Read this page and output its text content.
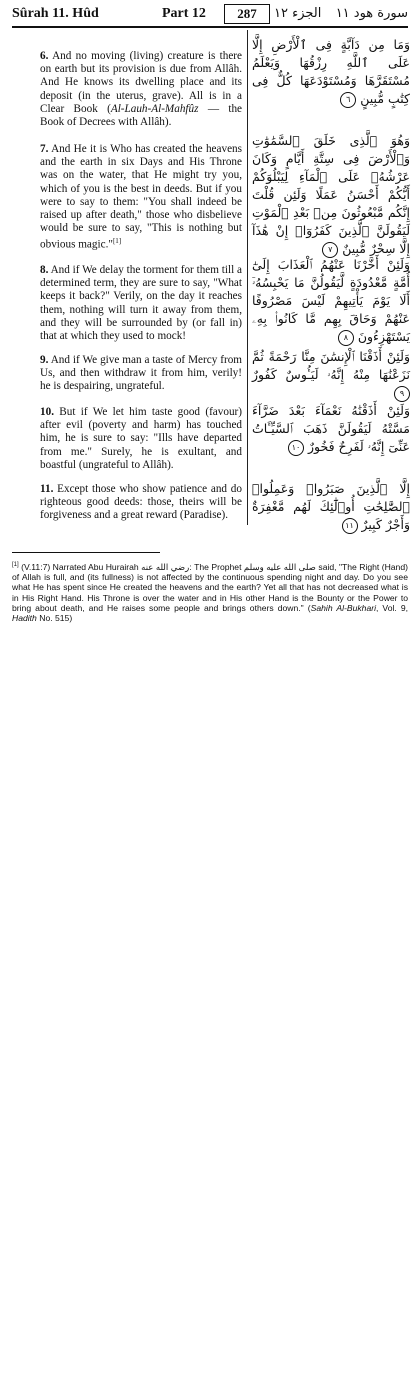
Sûrah 11. Hûd	Part 12	287	الجزء ١٢ سورة هود ١١
6. And no moving (living) creature is there on earth but its provision is due from Allâh. And He knows its dwelling place and its deposit (in the uterus, grave). All is in a Clear Book (Al-Lauh-Al-Mahfûz — the Book of Decrees with Allâh).
وَمَا مِن دَآبَّةٍ فِى ٱلْأَرْضِ إِلَّا عَلَى ٱللَّهِ رِزْقُهَا وَيَعْلَمُ مُسْتَقَرَّهَا وَمُسْتَوْدَعَهَا كُلٌّ فِى كِتَٰبٍ مُّبِينٍ ٦
7. And He it is Who has created the heavens and the earth in six Days and His Throne was on the water, that He might try you, which of you is the best in deeds. But if you were to say to them: "You shall indeed be raised up after death," those who disbelieve would be sure to say, "This is nothing but obvious magic."[1]
وَهُوَ ٱلَّذِى خَلَقَ ٱلسَّمَٰوَٰتِ وَٱلْأَرْضَ فِى سِتَّةِ أَيَّامٍ وَكَانَ عَرْشُهُۥ عَلَى ٱلْمَآءِ لِيَبْلُوَكُمْ أَيُّكُمْ أَحْسَنُ عَمَلًا وَلَئِن قُلْتَ إِنَّكُم مَّبْعُوثُونَ مِنۢ بَعْدِ ٱلْمَوْتِ لَيَقُولَنَّ ٱلَّذِينَ كَفَرُوٓا۟ إِنْ هَٰذَآ إِلَّا سِحْرٌ مُّبِينٌ ٧
8. And if We delay the torment for them till a determined term, they are sure to say, "What keeps it back?" Verily, on the day it reaches them, nothing will turn it away from them, and they will be surrounded by (or fall in) that at which they used to mock!
وَلَئِنْ أَخَّرْنَا عَنْهُمُ ٱلْعَذَابَ إِلَىٰٓ أُمَّةٍ مَّعْدُودَةٍ لَّيَقُولُنَّ مَا يَحْبِسُهُۥٓ أَلَا يَوْمَ يَأْتِيهِمْ لَيْسَ مَصْرُوفًا عَنْهُمْ وَحَاقَ بِهِم مَّا كَانُوا۟ بِهِۦ يَسْتَهْزِءُونَ ٨
9. And if We give man a taste of Mercy from Us, and then withdraw it from him, verily! he is despairing, ungrateful.
وَلَئِنْ أَذَقْنَا ٱلْإِنسَٰنَ مِنَّا رَحْمَةً ثُمَّ نَزَعْنَٰهَا مِنْهُ إِنَّهُۥ لَيَـُٔوسٌ كَفُورٌ ٩
10. But if We let him taste good (favour) after evil (poverty and harm) has touched him, he is sure to say: "Ills have departed from me." Surely, he is exultant, and boastful (ungrateful to Allâh).
وَلَئِنْ أَذَقْنَٰهُ نَعْمَآءَ بَعْدَ ضَرَّآءَ مَسَّتْهُ لَيَقُولَنَّ ذَهَبَ ٱلسَّيِّـَٔاتُ عَنِّىٓ إِنَّهُۥ لَفَرِحٌ فَخُورٌ ١٠
11. Except those who show patience and do righteous good deeds: those, theirs will be forgiveness and a great reward (Paradise).
إِلَّا ٱلَّذِينَ صَبَرُوا۟ وَعَمِلُوا۟ ٱلصَّٰلِحَٰتِ أُو۟لَٰٓئِكَ لَهُم مَّغْفِرَةٌ وَأَجْرٌ كَبِيرٌ ١١
[1] (V.11:7) Narrated Abu Hurairah رضي الله عنه: The Prophet صلى الله عليه وسلم said, "The Right (Hand) of Allah is full, and (its fullness) is not affected by the continuous spending night and day. Do you see what He has spent since He created the heavens and the earth? Yet all that has not decreased what is in His Right Hand. His Throne is over the water and in His other Hand is the Bounty or the Power to bring about death, and He raises some people and brings others down." (Sahih Al-Bukhari, Vol. 9, Hadith No. 515)
